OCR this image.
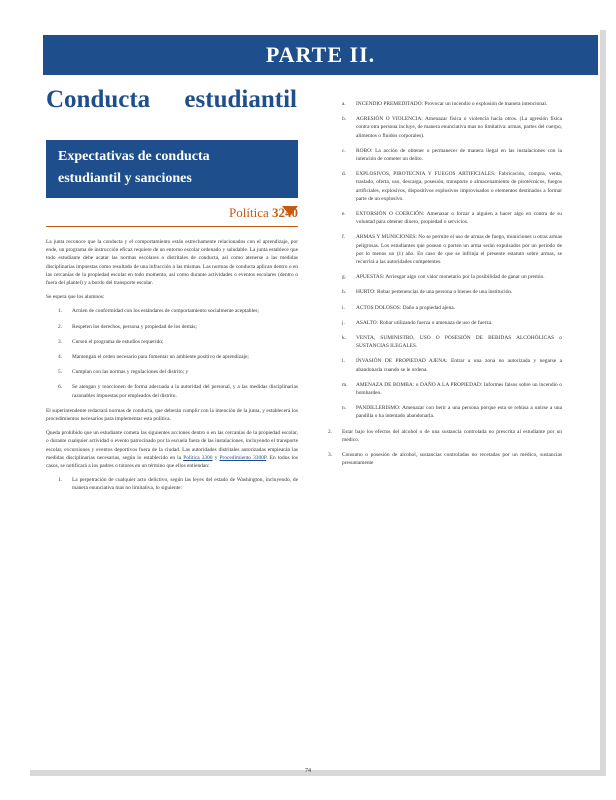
PARTE II.
Conducta estudiantil
Expectativas de conducta
estudiantil y sanciones
Política 3240

La junta reconoce que la conducta y el comportamiento están estrechamente relacionados con el aprendizaje, por ende, un programa de instrucción eficaz requiere de un entorno escolar ordenado y saludable. La junta establece que todo estudiante debe acatar las normas escolares o distritales de conducta, así como atenerse a las medidas disciplinarias impuestas como resultado de una infracción a las mismas. Las normas de conducta aplican dentro o en las cercanías de la propiedad escolar en todo momento, así como durante actividades o eventos escolares (dentro o fuera del plantel) y a bordo del transporte escolar.

Se espera que los alumnos:

1. Actúen de conformidad con los estándares de comportamiento socialmente aceptables;
2. Respeten los derechos, persona y propiedad de los demás;
3. Cursen el programa de estudios requerido;
4. Mantengan el orden necesario para fomentar un ambiente positivo de aprendizaje;
5. Cumplan con las normas y regulaciones del distrito; y
6. Se atengan y reaccionen de forma adecuada a la autoridad del personal, y a las medidas disciplinarias razonables impuestas por empleados del distrito.

El superintendente redactará normas de conducta, que deberán cumplir con la intención de la junta, y establecerá los procedimientos necesarios para implementar esta política.

Queda prohibido que un estudiante cometa las siguientes acciones dentro o en las cercanías de la propiedad escolar, o durante cualquier actividad o evento patrocinado por la escuela fuera de las instalaciones, incluyendo el transporte escolar, excursiones y eventos deportivos fuera de la ciudad. Las autoridades distritales autorizadas emplearán las medidas disciplinarias necesarias, según lo establecido en la Política 3300 y Procedimiento 3300P. En todos los casos, se notificará a los padres o tutores en un término que ellos entiendan:

1. La perpetración de cualquier acto delictivo, según las leyes del estado de Washington, incluyendo, de manera enunciativa mas no limitativa, lo siguiente:
a. INCENDIO PREMEDITADO: Provocar un incendio o explosión de manera intencional.
b. AGRESIÓN O VIOLENCIA: Amenazar física o violencia hacia otros. (La agresión física contra otra persona incluye, de manera enunciativa mas no limitativa: armas, partes del cuerpo, alimentos o fluidos corporales).
c. ROBO: La acción de obtener o permanecer de manera ilegal en las instalaciones con la intención de cometer un delito.
d. EXPLOSIVOS, PIROTECNIA Y FUEGOS ARTIFICIALES: Fabricación, compra, venta, traslado, oferta, uso, descarga, posesión, transporte o almacenamiento de pirotécnicos, fuegos artificiales, explosivos, dispositivos explosivos improvisados o elementos destinados a formar parte de un explosivo.
e. EXTORSIÓN O COERCIÓN: Amenazar o forzar a alguien a hacer algo en contra de su voluntad para obtener dinero, propiedad o servicios.
f. ARMAS Y MUNICIONES: No se permite el uso de armas de fuego, municiones u otras armas peligrosas. Los estudiantes que posean o porten un arma serán expulsados por un periodo de por lo menos un (1) año. En caso de que se infrinja el presente estatuto sobre armas, se recurrirá a las autoridades competentes.
g. APUESTAS: Arriesgar algo con valor monetario por la posibilidad de ganar un premio.
h. HURTO: Robar pertenencias de una persona o bienes de una institución.
i. ACTOS DOLOSOS: Daño a propiedad ajena.
j. ASALTO: Robar utilizando fuerza o amenaza de uso de fuerza.
k. VENTA, SUMINISTRO, USO O POSESIÓN DE BEBIDAS ALCOHÓLICAS o SUSTANCIAS ILEGALES.
l. INVASIÓN DE PROPIEDAD AJENA: Entrar a una zona no autorizada y negarse a abandonarla cuando se le ordena.
m. AMENAZA DE BOMBA: o DAÑO A LA PROPIEDAD: Informes falsos sobre un incendio o bombardeo.
n. PANDILLERISMO: Amenazar con herir a una persona porque esta se rehúsa a unirse a una pandilla o ha intentado abandonarla.
2. Estar bajo los efectos del alcohol o de una sustancia controlada no prescrita al estudiante por un médico.
3. Consumo o posesión de alcohol, sustancias controladas no recetadas por un médico, sustancias presuntamente
74
